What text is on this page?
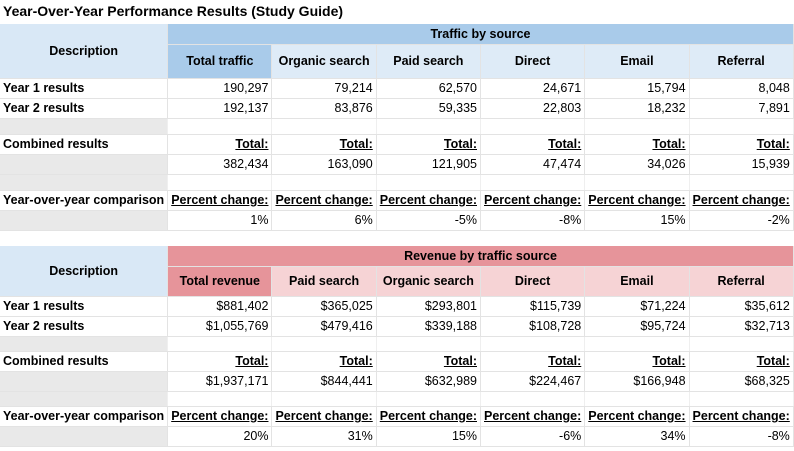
Year-Over-Year Performance Results (Study Guide)
Description	Traffic by source					
	Total traffic	Organic search	Paid search	Direct	Email	Referral
Year 1 results	190,297	79,214	62,570	24,671	15,794	8,048
Year 2 results	192,137	83,876	59,335	22,803	18,232	7,891

Combined results	Total:	Total:	Total:	Total:	Total:	Total:
	382,434	163,090	121,905	47,474	34,026	15,939

Year-over-year comparison	Percent change:	Percent change:	Percent change:	Percent change:	Percent change:	Percent change:
	1%	6%	-5%	-8%	15%	-2%
Description	Revenue by traffic source					
	Total revenue	Paid search	Organic search	Direct	Email	Referral
Year 1 results	$881,402	$365,025	$293,801	$115,739	$71,224	$35,612
Year 2 results	$1,055,769	$479,416	$339,188	$108,728	$95,724	$32,713

Combined results	Total:	Total:	Total:	Total:	Total:	Total:
	$1,937,171	$844,441	$632,989	$224,467	$166,948	$68,325

Year-over-year comparison	Percent change:	Percent change:	Percent change:	Percent change:	Percent change:	Percent change:
	20%	31%	15%	-6%	34%	-8%
